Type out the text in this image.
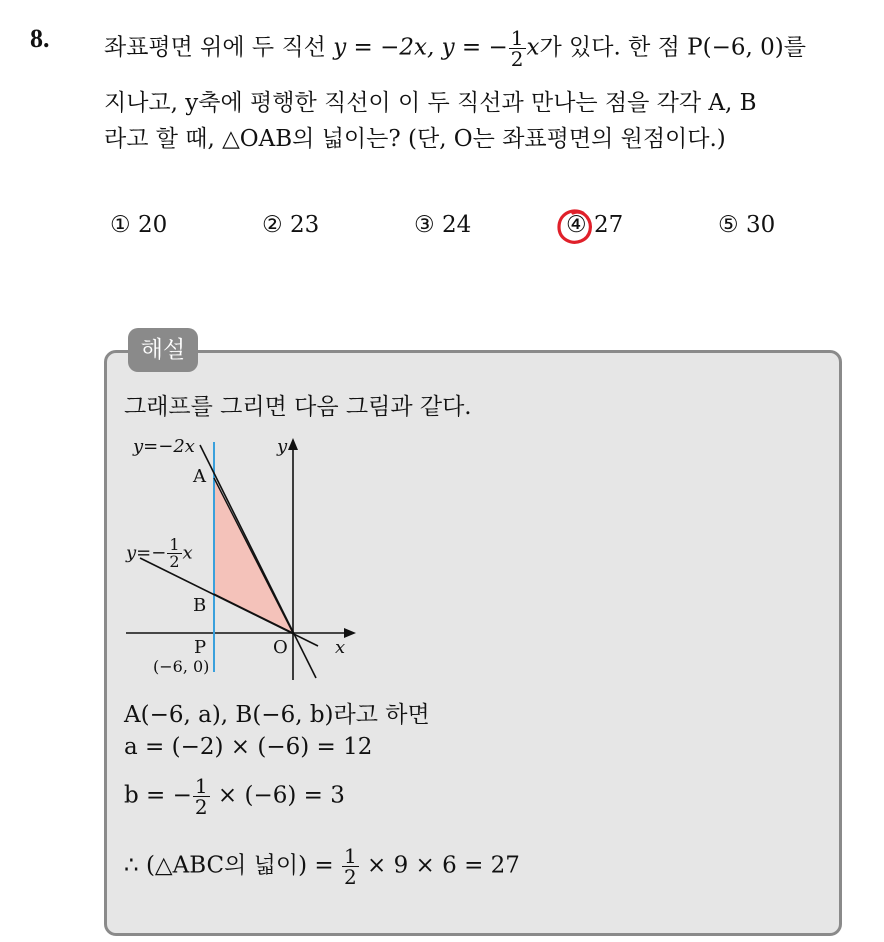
8. 좌표평면 위에 두 직선 y = −2x, y = − $\frac{1}{2}$ x가 있다. 한 점 P(−6, 0)를
지나고, y축에 평행한 직선이 이 두 직선과 만나는 점을 각각 A, B
라고 할 때, △OAB의 넓이는? (단, O는 좌표평면의 원점이다.)
① 20	② 23	③ 24	④ 27	⑤ 30
해설
그래프를 그리면 다음 그림과 같다.
y=−2x	y
A
$y=- \frac{1}{2}$ x
B
P
(−6, 0)
O	x
A(−6, a), B(−6, b)라고 하면
a = (−2) × (−6) = 12
b = − $\frac{1}{2} \times (-6) = 3$
∴ (△ABC의 넓이) = $\frac{1}{2} \times 9 \times 6 = 27$
